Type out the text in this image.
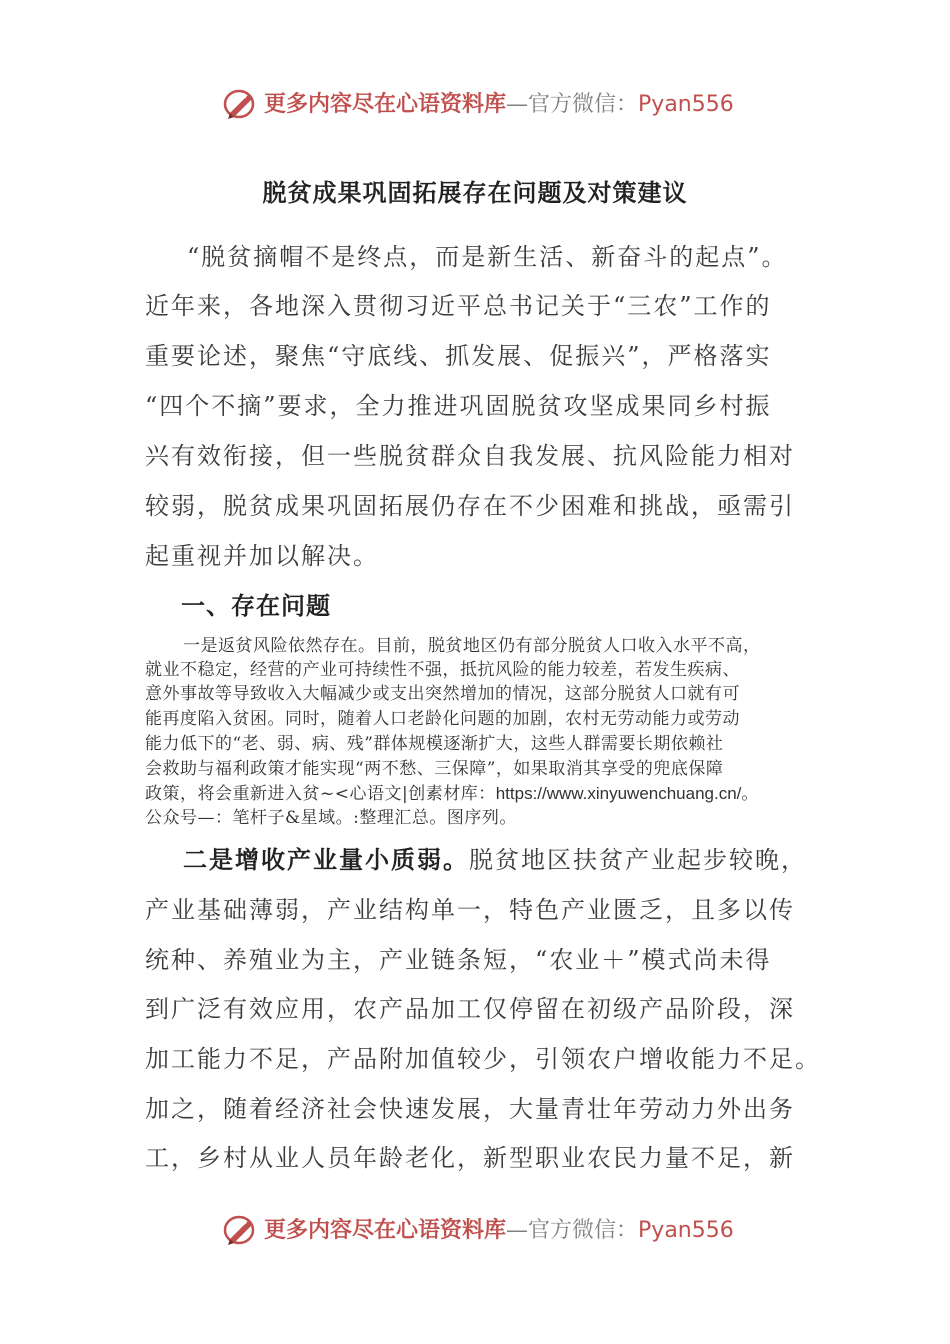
更多内容尽在心语资料库—官方微信：Pyan556
脱贫成果巩固拓展存在问题及对策建议
“脱贫摘帽不是终点，而是新生活、新奋斗的起点”。
近年来，各地深入贯彻习近平总书记关于“三农”工作的
重要论述，聚焦“守底线、抓发展、促振兴”，严格落实
“四个不摘”要求，全力推进巩固脱贫攻坚成果同乡村振
兴有效衔接，但一些脱贫群众自我发展、抗风险能力相对
较弱，脱贫成果巩固拓展仍存在不少困难和挑战，亟需引
起重视并加以解决。
一、存在问题
一是返贫风险依然存在。目前，脱贫地区仍有部分脱贫人口收入水平不高，
就业不稳定，经营的产业可持续性不强，抵抗风险的能力较差，若发生疾病、
意外事故等导致收入大幅减少或支出突然增加的情况，这部分脱贫人口就有可
能再度陷入贫困。同时，随着人口老龄化问题的加剧，农村无劳动能力或劳动
能力低下的“老、弱、病、残”群体规模逐渐扩大，这些人群需要长期依赖社
会救助与福利政策才能实现“两不愁、三保障”，如果取消其享受的兜底保障
政策，将会重新进入贫~<心语文|创素材库：https://www.xinyuwenchuang.cn/。
公众号—：笔杆子&星域。:整理汇总。图序列。
二是增收产业量小质弱。脱贫地区扶贫产业起步较晚，
产业基础薄弱，产业结构单一，特色产业匮乏，且多以传
统种、养殖业为主，产业链条短，“农业＋”模式尚未得
到广泛有效应用，农产品加工仅停留在初级产品阶段，深
加工能力不足，产品附加值较少，引领农户增收能力不足。
加之，随着经济社会快速发展，大量青壮年劳动力外出务
工，乡村从业人员年龄老化，新型职业农民力量不足，新
更多内容尽在心语资料库—官方微信：Pyan556
